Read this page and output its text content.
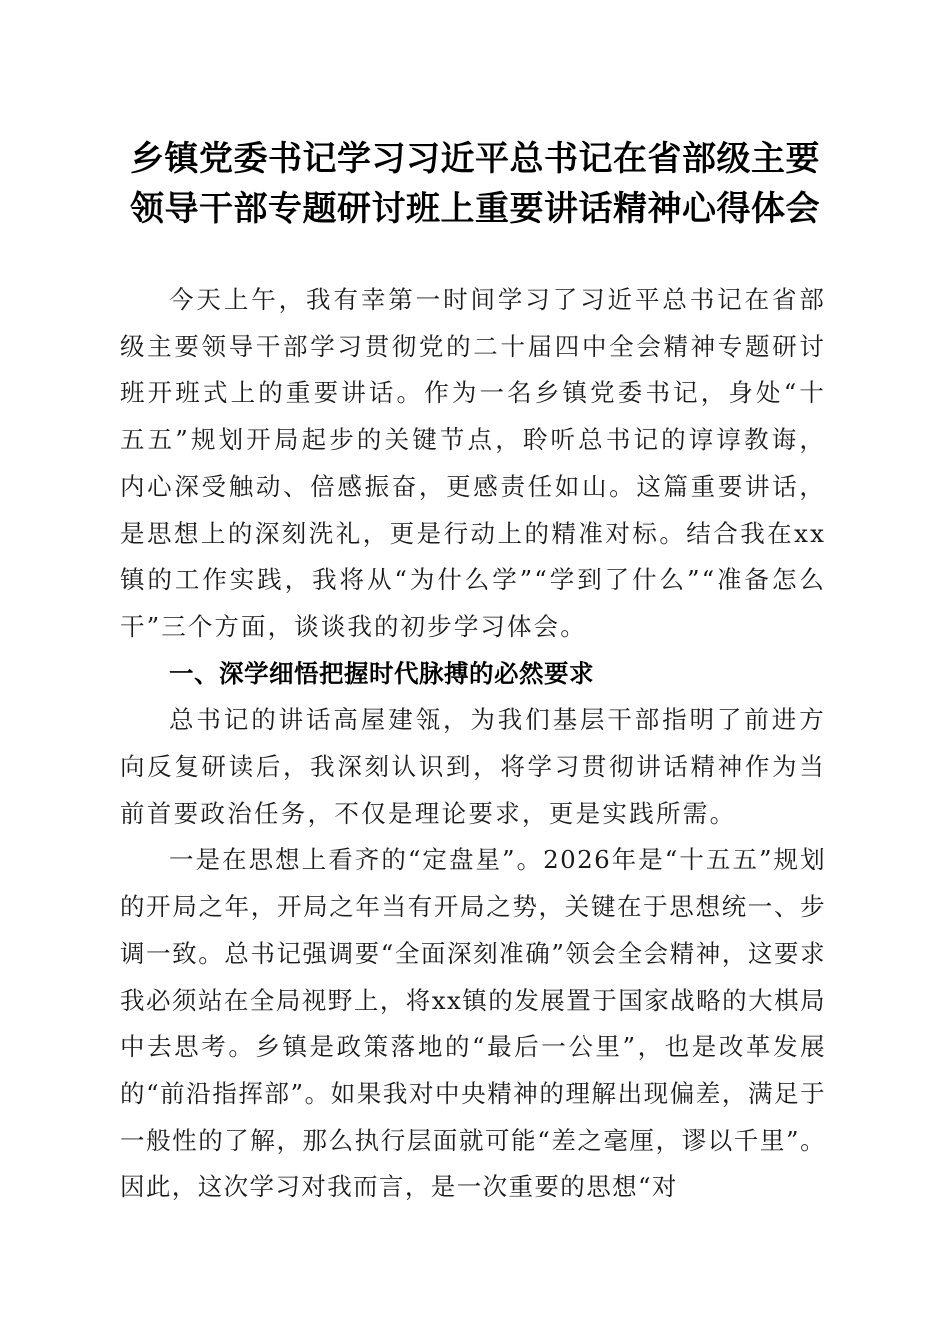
乡镇党委书记学习习近平总书记在省部级主要
领导干部专题研讨班上重要讲话精神心得体会

今天上午，我有幸第一时间学习了习近平总书记在省部级主要领导干部学习贯彻党的二十届四中全会精神专题研讨班开班式上的重要讲话。作为一名乡镇党委书记，身处“十五五”规划开局起步的关键节点，聆听总书记的谆谆教诲，内心深受触动、倍感振奋，更感责任如山。这篇重要讲话，是思想上的深刻洗礼，更是行动上的精准对标。结合我在xx镇的工作实践，我将从“为什么学”“学到了什么”“准备怎么干”三个方面，谈谈我的初步学习体会。

一、深学细悟把握时代脉搏的必然要求

总书记的讲话高屋建瓴，为我们基层干部指明了前进方向反复研读后，我深刻认识到，将学习贯彻讲话精神作为当前首要政治任务，不仅是理论要求，更是实践所需。

一是在思想上看齐的“定盘星”。2026年是“十五五”规划的开局之年，开局之年当有开局之势，关键在于思想统一、步调一致。总书记强调要“全面深刻准确”领会全会精神，这要求我必须站在全局视野上，将xx镇的发展置于国家战略的大棋局中去思考。乡镇是政策落地的“最后一公里”，也是改革发展的“前沿指挥部”。如果我对中央精神的理解出现偏差，满足于一般性的了解，那么执行层面就可能“差之毫厘，谬以千里”。因此，这次学习对我而言，是一次重要的思想“对
